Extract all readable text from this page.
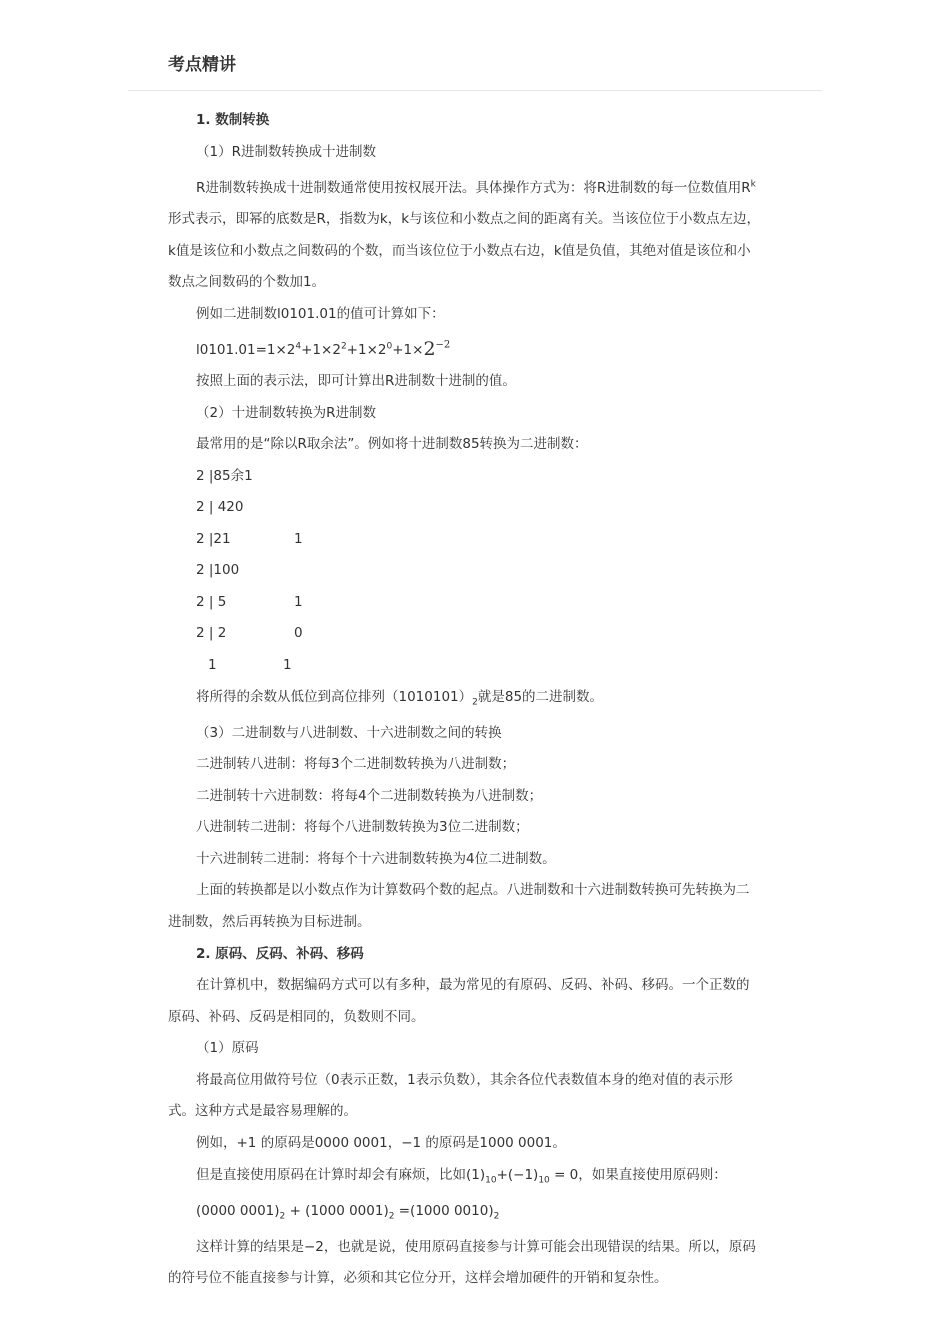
考点精讲
1. 数制转换
（1）R进制数转换成十进制数
R进制数转换成十进制数通常使用按权展开法。具体操作方式为：将R进制数的每一位数值用$R^k$
形式表示，即幂的底数是R，指数为k，k与该位和小数点之间的距离有关。当该位位于小数点左边，
k值是该位和小数点之间数码的个数，而当该位位于小数点右边，k值是负值，其绝对值是该位和小
数点之间数码的个数加1。
例如二进制数l0101.01的值可计算如下：
$l0101.01=1\times 2^4+1\times 2^2+1\times 2^0+1\times 2^{-2}$
按照上面的表示法，即可计算出R进制数十进制的值。
（2）十进制数转换为R进制数
最常用的是“除以R取余法”。例如将十进制数85转换为二进制数：
2 |85余1
2 | 420
2 |21	1
2 |100
2 | 5	1
2 | 2	0
1	1
将所得的余数从低位到高位排列$(1010101)_2$就是85的二进制数。
（3）二进制数与八进制数、十六进制数之间的转换
二进制转八进制：将每3个二进制数转换为八进制数；
二进制转十六进制数：将每4个二进制数转换为八进制数；
八进制转二进制：将每个八进制数转换为3位二进制数；
十六进制转二进制：将每个十六进制数转换为4位二进制数。
上面的转换都是以小数点作为计算数码个数的起点。八进制数和十六进制数转换可先转换为二
进制数，然后再转换为目标进制。
2. 原码、反码、补码、移码
在计算机中，数据编码方式可以有多种，最为常见的有原码、反码、补码、移码。一个正数的
原码、补码、反码是相同的，负数则不同。
（1）原码
将最高位用做符号位（0表示正数，1表示负数），其余各位代表数值本身的绝对值的表示形
式。这种方式是最容易理解的。
例如，+1 的原码是0000 0001，−1 的原码是1000 0001。
但是直接使用原码在计算时却会有麻烦，比如$(1)_{10}+(-1)_{10} = 0$，如果直接使用原码则：
(0000 $0001)_2 + (1000$ $0001)_2 =(1000$ $0010)_2$
这样计算的结果是−2，也就是说，使用原码直接参与计算可能会出现错误的结果。所以，原码
的符号位不能直接参与计算，必须和其它位分开，这样会增加硬件的开销和复杂性。
